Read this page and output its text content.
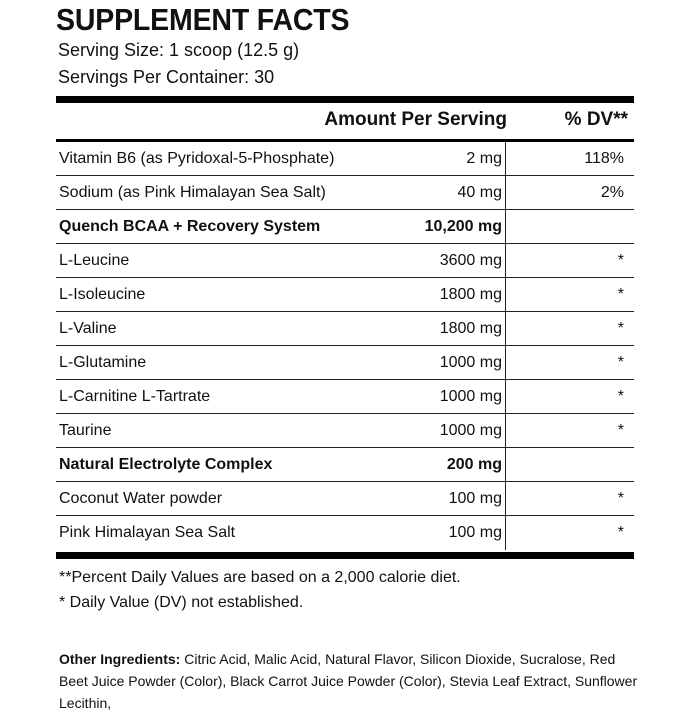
SUPPLEMENT FACTS
Serving Size: 1 scoop (12.5 g)
Servings Per Container: 30
Amount Per Serving	% DV**
Vitamin B6 (as Pyridoxal-5-Phosphate)	2 mg	118%
Sodium (as Pink Himalayan Sea Salt)	40 mg	2%
Quench BCAA + Recovery System	10,200 mg
L-Leucine	3600 mg	*
L-Isoleucine	1800 mg	*
L-Valine	1800 mg	*
L-Glutamine	1000 mg	*
L-Carnitine L-Tartrate	1000 mg	*
Taurine	1000 mg	*
Natural Electrolyte Complex	200 mg
Coconut Water powder	100 mg	*
Pink Himalayan Sea Salt	100 mg	*
**Percent Daily Values are based on a 2,000 calorie diet.
* Daily Value (DV) not established.
Other Ingredients: Citric Acid, Malic Acid, Natural Flavor, Silicon Dioxide, Sucralose, Red Beet Juice Powder (Color), Black Carrot Juice Powder (Color), Stevia Leaf Extract, Sunflower Lecithin,
